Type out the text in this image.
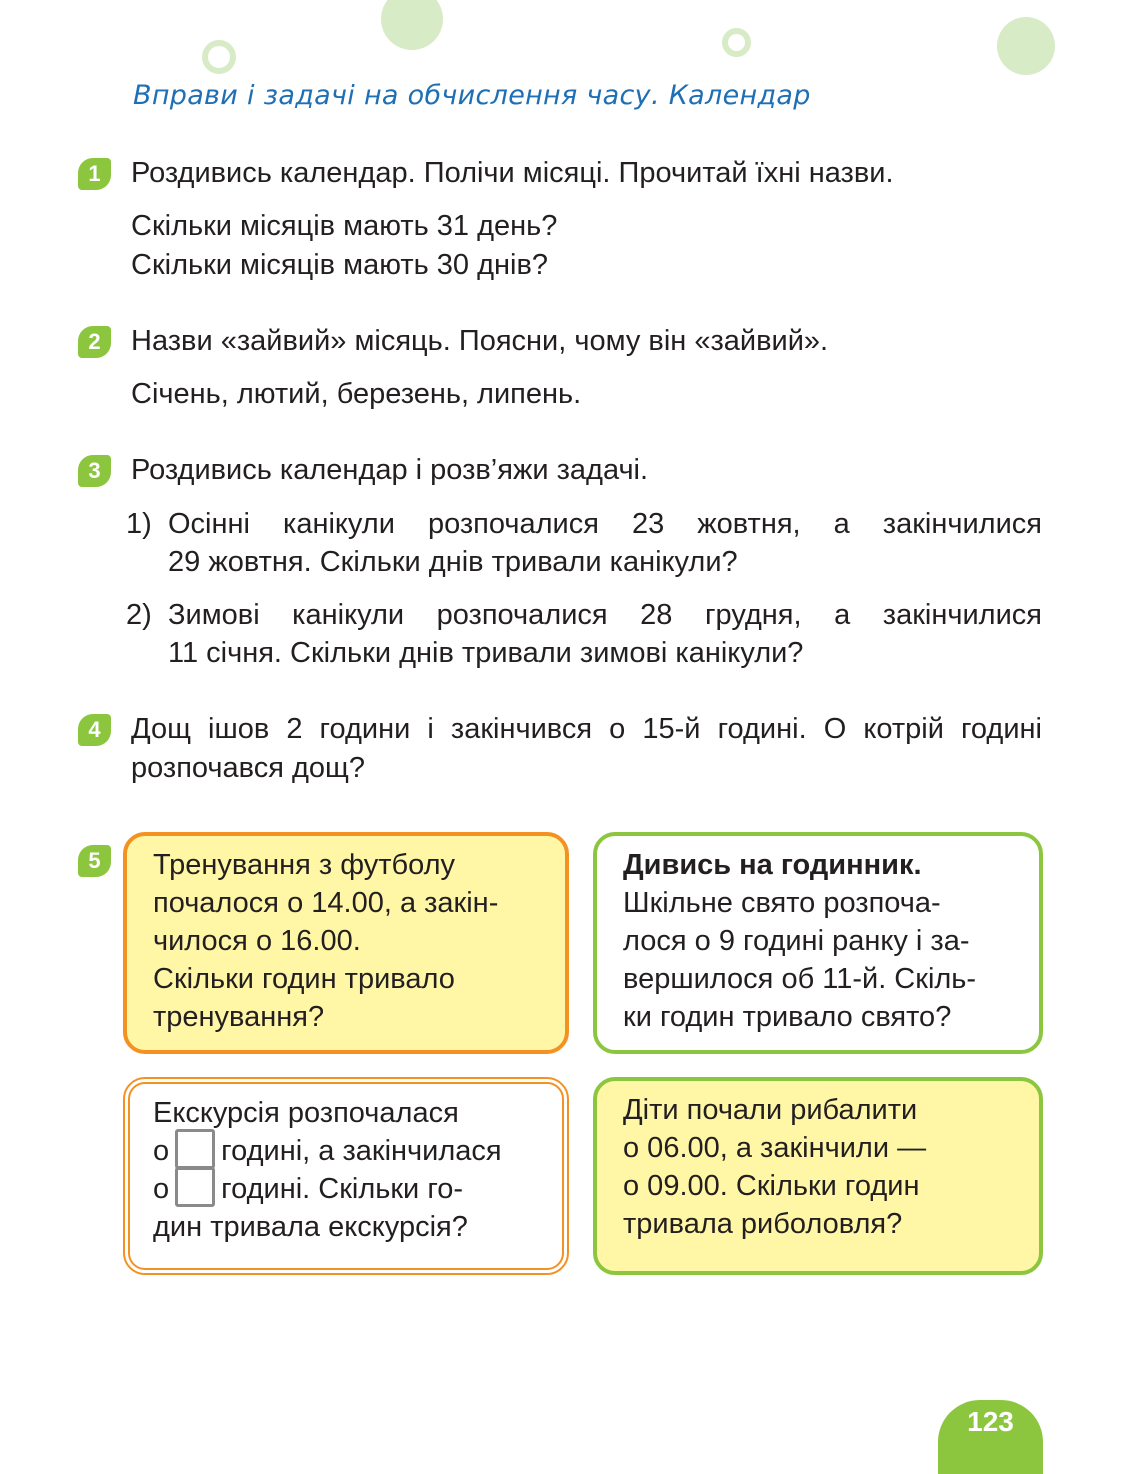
Вправи і задачі на обчислення часу. Календар
1	Роздивись календар. Полічи місяці. Прочитай їхні назви.
Скільки місяців мають 31 день?
Скільки місяців мають 30 днів?
2	Назви «зайвий» місяць. Поясни, чому він «зайвий».
Січень, лютий, березень, липень.
3	Роздивись календар і розв’яжи задачі.
1) Осінні канікули розпочалися 23 жовтня, а закінчилися
29 жовтня. Скільки днів тривали канікули?
2) Зимові канікули розпочалися 28 грудня, а закінчилися
11 січня. Скільки днів тривали зимові канікули?
4	Дощ ішов 2 години і закінчився о 15-й годині. О котрій годині
розпочався дощ?
5	Тренування з футболу

почалося о 14.00, а закін-

чилося о 16.00.

Скільки годин тривало

тренування?

Дивись на годинник.

Шкільне свято розпоча-

лося о 9 годині ранку і за-

вершилося об 11-й. Скіль-

ки годин тривало свято?

Екскурсія розпочалася

о годині, а закінчилася

о годині. Скільки го-

дин тривала екскурсія?

Діти почали рибалити

о 06.00, а закінчили —

о 09.00. Скільки годин

тривала риболовля?

123
